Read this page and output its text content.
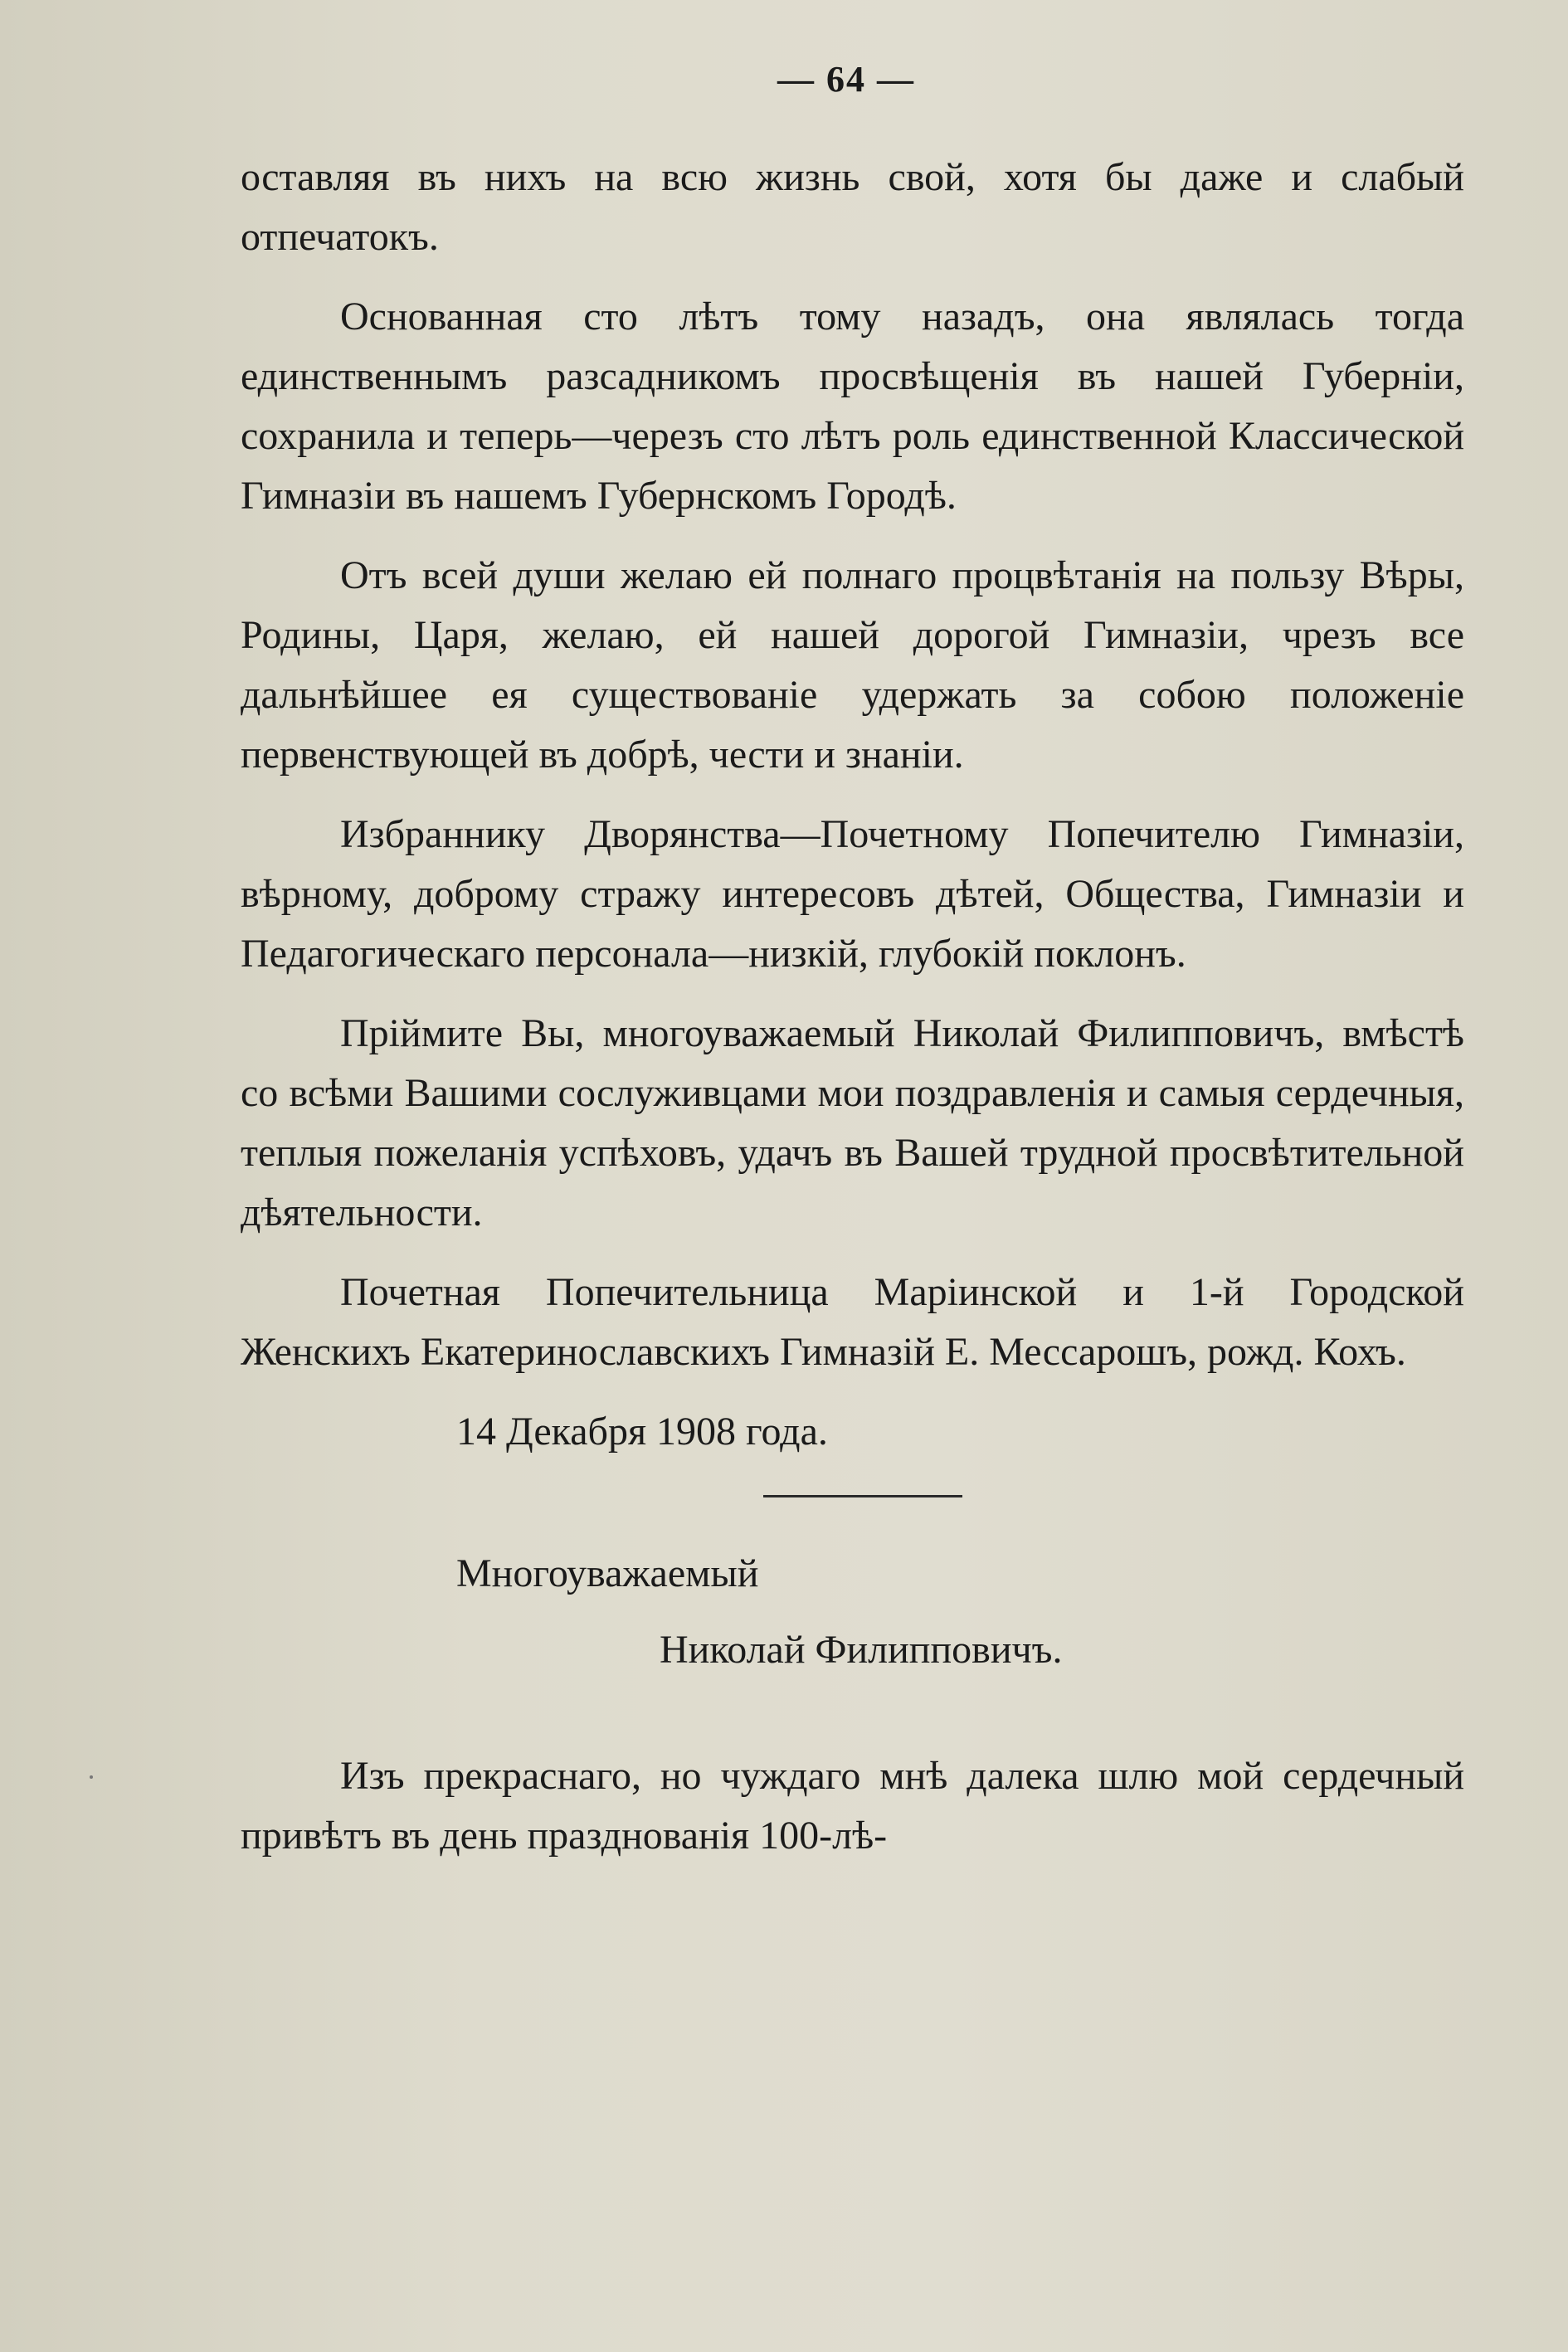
— 64 —

оставляя въ нихъ на всю жизнь свой, хотя бы даже и слабый отпечатокъ.

Основанная сто лѣтъ тому назадъ, она являлась тогда единственнымъ разсадникомъ просвѣщенія въ нашей Губерніи, сохранила и теперь—черезъ сто лѣтъ роль единственной Классической Гимназіи въ нашемъ Губернскомъ Городѣ.

Отъ всей души желаю ей полнаго процвѣтанія на пользу Вѣры, Родины, Царя, желаю, ей нашей дорогой Гимназіи, чрезъ все дальнѣйшее ея существованіе удержать за собою положеніе первенствующей въ добрѣ, чести и знаніи.

Избраннику Дворянства—Почетному Попечителю Гимназіи, вѣрному, доброму стражу интересовъ дѣтей, Общества, Гимназіи и Педагогическаго персонала—низкій, глубокій поклонъ.

Пріймите Вы, многоуважаемый Николай Филипповичъ, вмѣстѣ со всѣми Вашими сослуживцами мои поздравленія и самыя сердечныя, теплыя пожеланія успѣховъ, удачъ въ Вашей трудной просвѣтительной дѣятельности.

Почетная Попечительница Маріинской и 1-й Городской Женскихъ Екатеринославскихъ Гимназій Е. Мессарошъ, рожд. Кохъ.

14 Декабря 1908 года.
Многоуважаемый
Николай Филипповичъ.

Изъ прекраснаго, но чуждаго мнѣ далека шлю мой сердечный привѣтъ въ день празднованія 100-лѣ-
